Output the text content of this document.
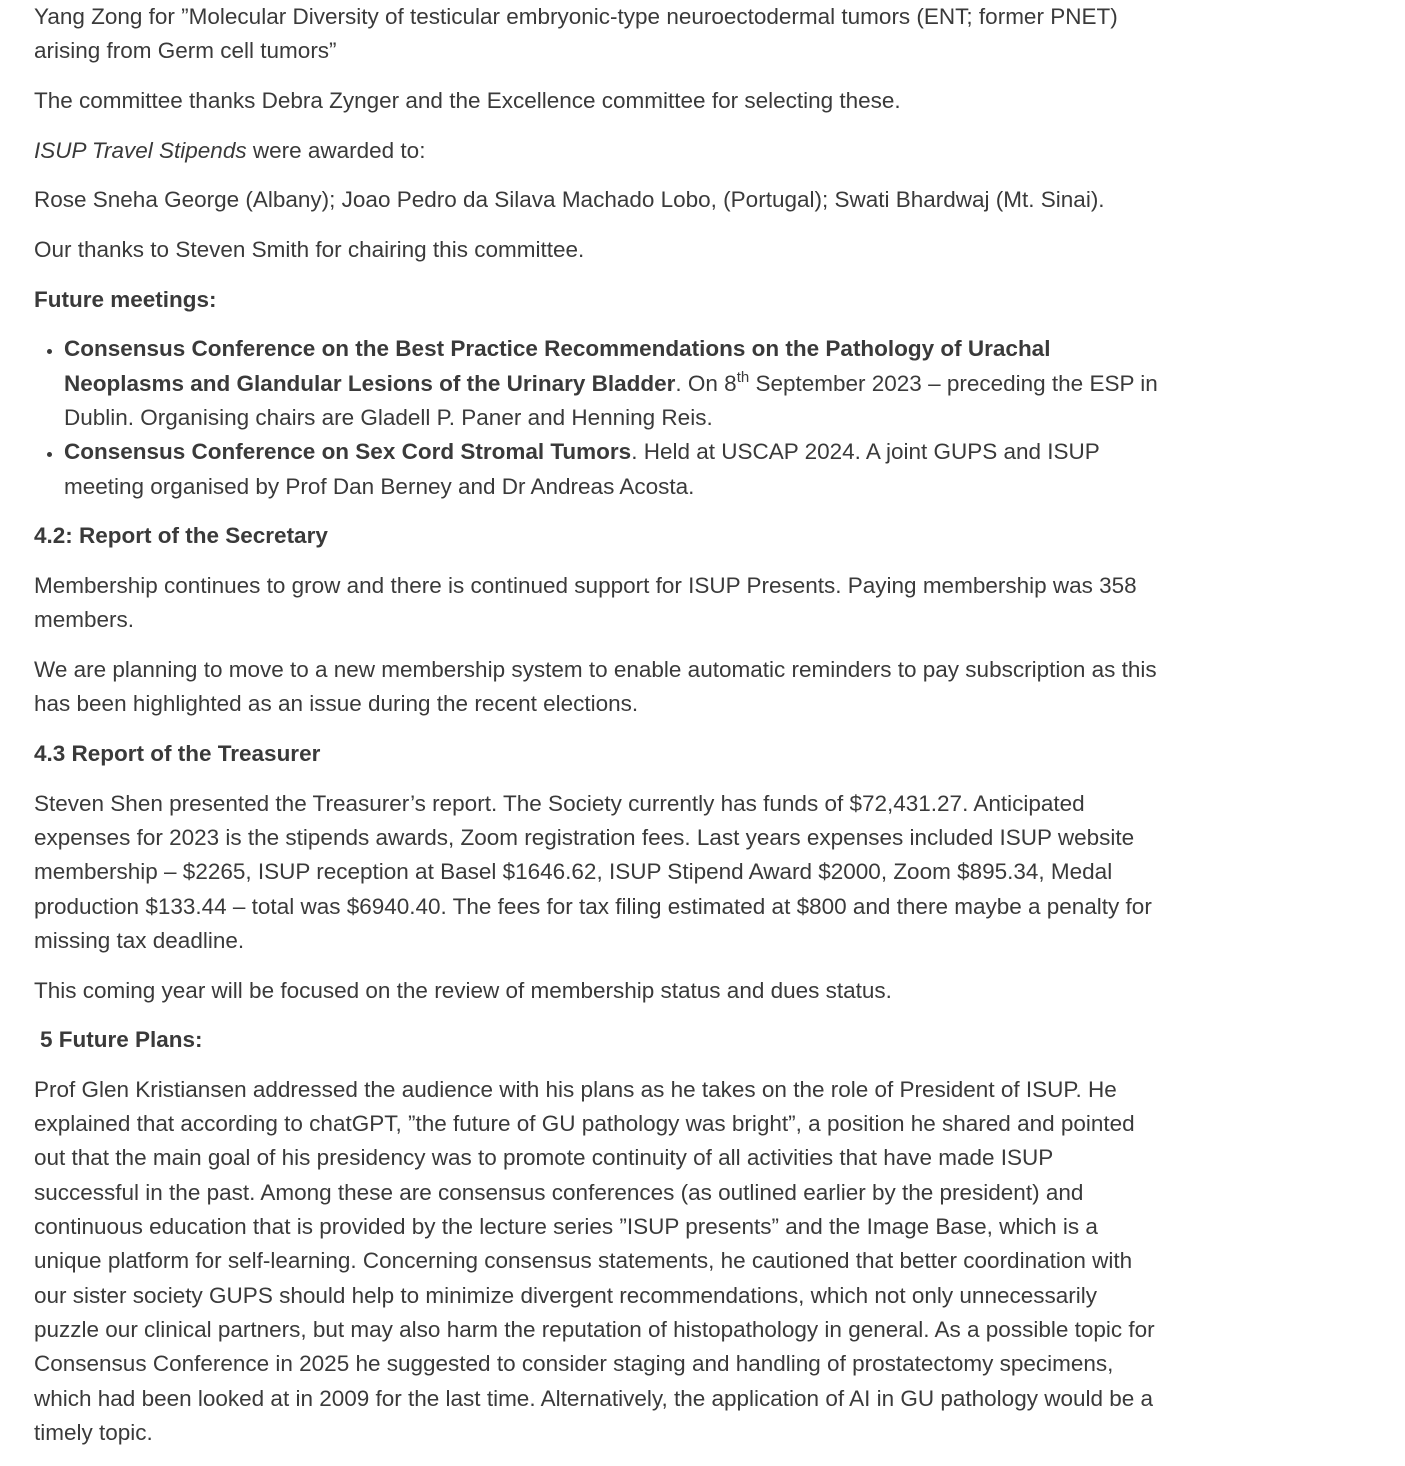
Yang Zong for ”Molecular Diversity of testicular embryonic-type neuroectodermal tumors (ENT; former PNET) arising from Germ cell tumors”

The committee thanks Debra Zynger and the Excellence committee for selecting these.

ISUP Travel Stipends were awarded to:

Rose Sneha George (Albany); Joao Pedro da Silava Machado Lobo, (Portugal); Swati Bhardwaj (Mt. Sinai).

Our thanks to Steven Smith for chairing this committee.

Future meetings:

• Consensus Conference on the Best Practice Recommendations on the Pathology of Urachal Neoplasms and Glandular Lesions of the Urinary Bladder. On 8th September 2023 – preceding the ESP in Dublin. Organising chairs are Gladell P. Paner and Henning Reis.
• Consensus Conference on Sex Cord Stromal Tumors. Held at USCAP 2024. A joint GUPS and ISUP meeting organised by Prof Dan Berney and Dr Andreas Acosta.

4.2: Report of the Secretary

Membership continues to grow and there is continued support for ISUP Presents. Paying membership was 358 members.

We are planning to move to a new membership system to enable automatic reminders to pay subscription as this has been highlighted as an issue during the recent elections.

4.3 Report of the Treasurer

Steven Shen presented the Treasurer’s report. The Society currently has funds of $72,431.27. Anticipated expenses for 2023 is the stipends awards, Zoom registration fees. Last years expenses included ISUP website membership – $2265, ISUP reception at Basel $1646.62, ISUP Stipend Award $2000, Zoom $895.34, Medal production $133.44 – total was $6940.40. The fees for tax filing estimated at $800 and there maybe a penalty for missing tax deadline.

This coming year will be focused on the review of membership status and dues status.

5 Future Plans:

Prof Glen Kristiansen addressed the audience with his plans as he takes on the role of President of ISUP. He explained that according to chatGPT, ”the future of GU pathology was bright”, a position he shared and pointed out that the main goal of his presidency was to promote continuity of all activities that have made ISUP successful in the past. Among these are consensus conferences (as outlined earlier by the president) and continuous education that is provided by the lecture series ”ISUP presents” and the Image Base, which is a unique platform for self-learning. Concerning consensus statements, he cautioned that better coordination with our sister society GUPS should help to minimize divergent recommendations, which not only unnecessarily puzzle our clinical partners, but may also harm the reputation of histopathology in general. As a possible topic for Consensus Conference in 2025 he suggested to consider staging and handling of prostatectomy specimens, which had been looked at in 2009 for the last time. Alternatively, the application of AI in GU pathology would be a timely topic.
